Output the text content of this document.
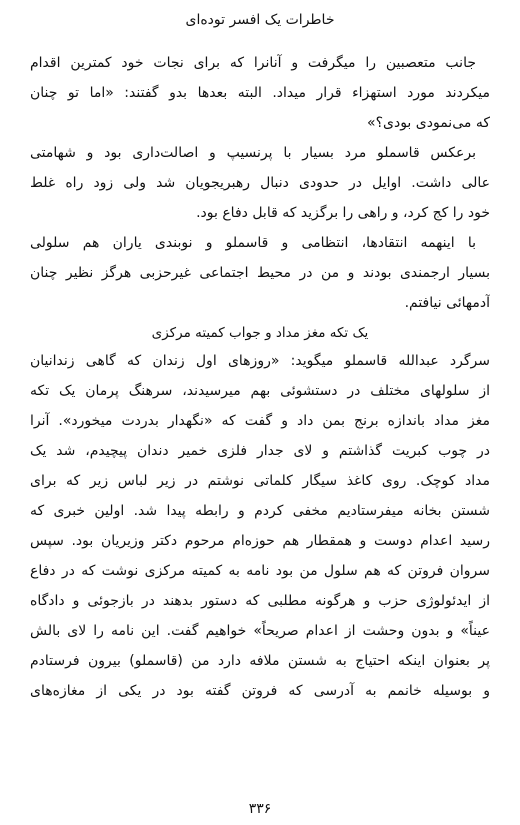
خاطرات یک افسر توده‌ای
جانب متعصبین را میگرفت و آنانرا که برای نجات خود کمترین اقدام
میکردند مورد استهزاء قرار میداد. البته بعدها بدو گفتند: «اما تو چنان
که می‌نمودی بودی؟»
برعکس قاسملو مرد بسیار با پرنسیپ و اصالت‌داری بود و شهامتی
عالی داشت. اوایل در حدودی دنبال رهبریجویان شد ولی زود راه غلط
خود را کج کرد، و راهی را برگزید که قابل دفاع بود.
با اینهمه انتقادها، انتظامی و قاسملو و نوبندی یاران هم سلولی
بسیار ارجمندی بودند و من در محیط اجتماعی غیرحزبی هرگز نظیر چنان
آدمهائی نیافتم.
یک تکه مغز مداد و جواب کمیته مرکزی
سرگرد عبدالله قاسملو میگوید: «روزهای اول زندان که گاهی زندانیان
از سلولهای مختلف در دستشوئی بهم میرسیدند، سرهنگ پرمان یک تکه
مغز مداد باندازه برنج بمن داد و گفت که «نگهدار بدردت میخورد». آنرا
در چوب کبریت گذاشتم و لای جدار فلزی خمیر دندان پیچیدم، شد یک
مداد کوچک. روی کاغذ سیگار کلماتی نوشتم در زیر لباس زیر که برای
شستن بخانه میفرستادیم مخفی کردم و رابطه پیدا شد. اولین خبری که
رسید اعدام دوست و همقطار هم حوزه‌ام مرحوم دکتر وزیریان بود. سپس
سروان فروتن که هم سلول من بود نامه به کمیته مرکزی نوشت که در دفاع
از ایدئولوژی حزب و هرگونه مطلبی که دستور بدهند در بازجوئی و دادگاه
عیناً» و بدون وحشت از اعدام صریحاً» خواهیم گفت. این نامه را لای بالش
پر بعنوان اینکه احتیاج به شستن ملافه دارد من (قاسملو) بیرون فرستادم
و بوسیله خانمم به آدرسی که فروتن گفته بود در یکی از مغازه‌های
۳۳۶
